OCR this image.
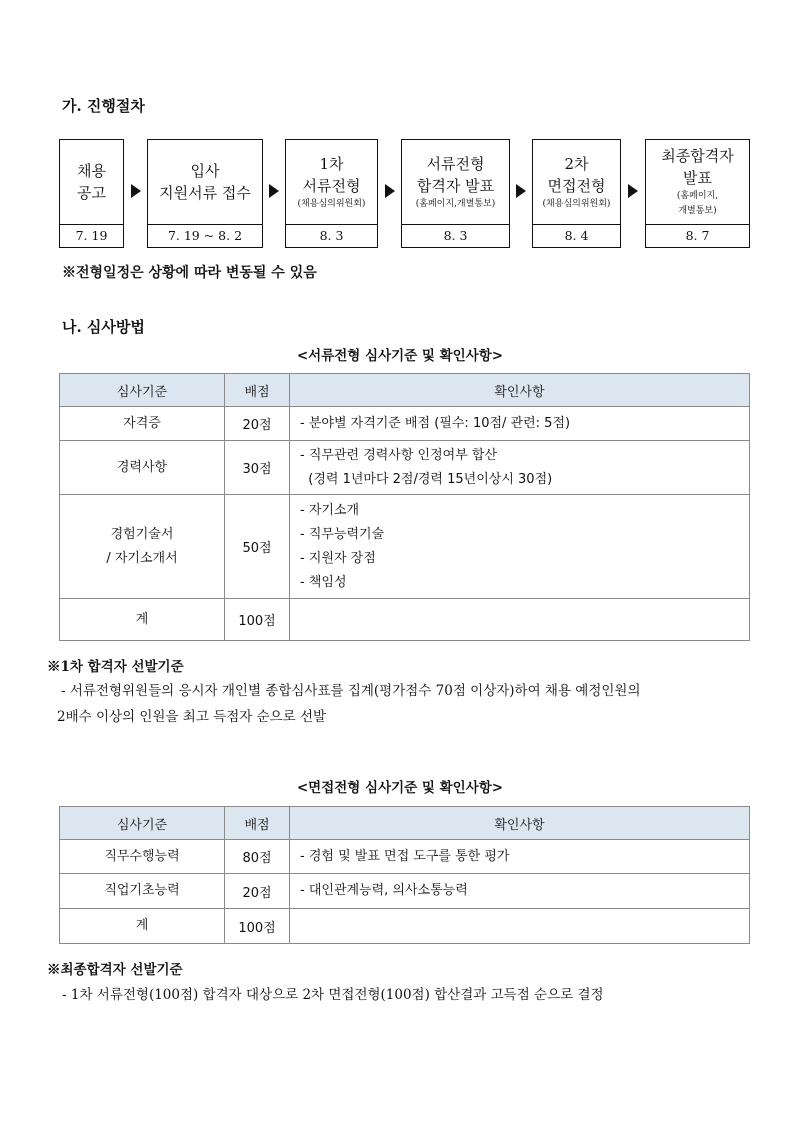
가. 진행절차
채용
공고
7. 19
입사
지원서류 접수
7. 19 ~ 8. 2
1차
서류전형
(채용심의위원회)
8. 3
서류전형
합격자 발표
(홈페이지,개별통보)
8. 3
2차
면접전형
(채용심의위원회)
8. 4
최종합격자
발표
(홈페이지,
개별통보)
8. 7
※전형일정은 상황에 따라 변동될 수 있음
나. 심사방법
<서류전형 심사기준 및 확인사항>
심사기준	배점	확인사항

자격증	20점	- 분야별 자격기준 배점 (필수: 10점/ 관련: 5점)

경력사항	30점	- 직무관련 경력사항 인정여부 합산
(경력 1년마다 2점/경력 15년이상시 30점)

경험기술서
/ 자기소개서	50점	- 자기소개
- 직무능력기술
- 지원자 장점
- 책임성

계	100점	
※1차 합격자 선발기준
- 서류전형위원들의 응시자 개인별 종합심사표를 집계(평가점수 70점 이상자)하여 채용 예정인원의
2배수 이상의 인원을 최고 득점자 순으로 선발
<면접전형 심사기준 및 확인사항>
심사기준	배점	확인사항

직무수행능력	80점	- 경험 및 발표 면접 도구를 통한 평가

직업기초능력	20점	- 대인관계능력, 의사소통능력

계	100점	
※최종합격자 선발기준
- 1차 서류전형(100점) 합격자 대상으로 2차 면접전형(100점) 합산결과 고득점 순으로 결정
